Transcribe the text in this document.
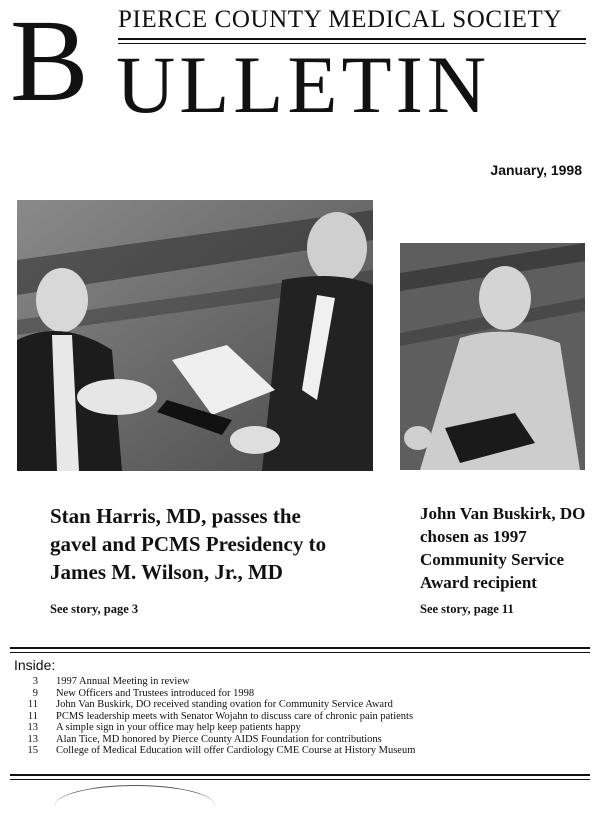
B PIERCE COUNTY MEDICAL SOCIETY
ULLETIN
January, 1998
Stan Harris, MD, passes the gavel and PCMS Presidency to James M. Wilson, Jr., MD
See story, page 3
John Van Buskirk, DO chosen as 1997 Community Service Award recipient
See story, page 11
Inside:
3 1997 Annual Meeting in review
9 New Officers and Trustees introduced for 1998
11 John Van Buskirk, DO received standing ovation for Community Service Award
11 PCMS leadership meets with Senator Wojahn to discuss care of chronic pain patients
13 A simple sign in your office may help keep patients happy
13 Alan Tice, MD honored by Pierce County AIDS Foundation for contributions
15 College of Medical Education will offer Cardiology CME Course at History Museum
